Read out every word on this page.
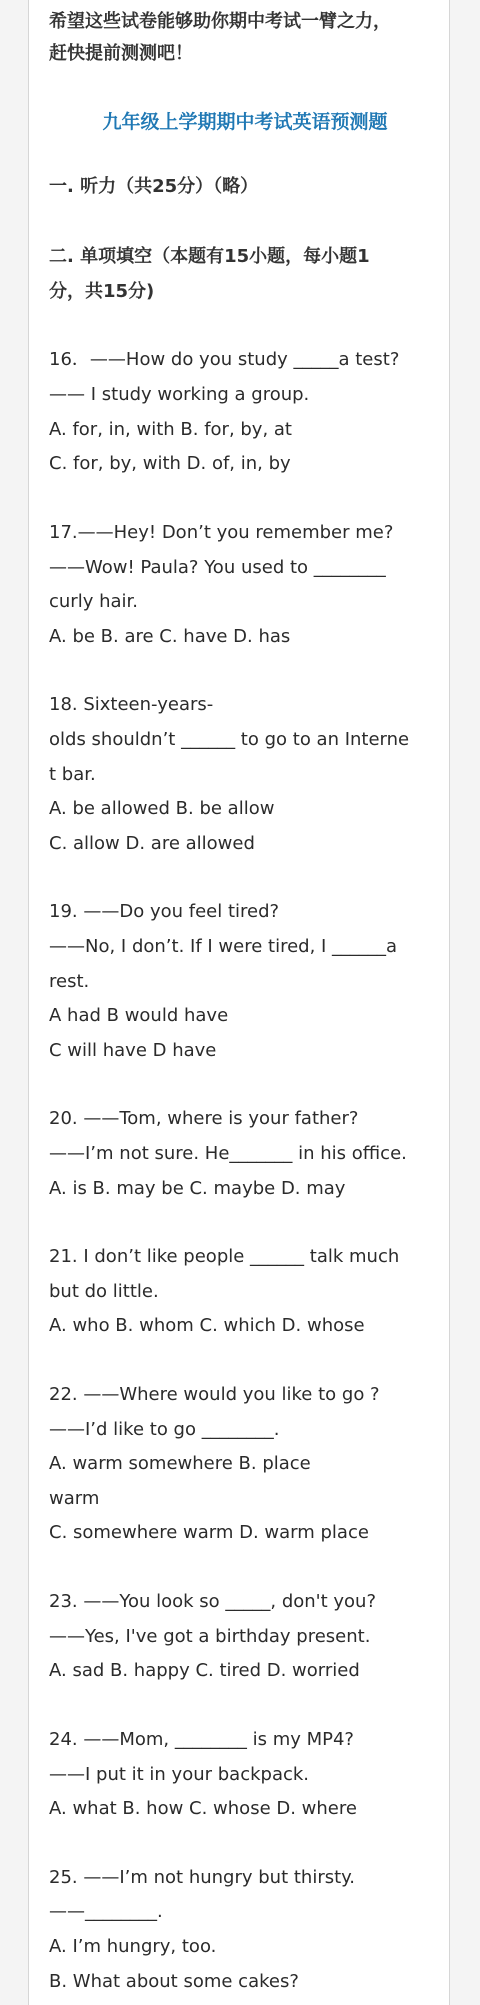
希望这些试卷能够助你期中考试一臂之力，
赶快提前测测吧！
九年级上学期期中考试英语预测题
一. 听力（共25分）（略）
二. 单项填空（本题有15小题，每小题1
分，共15分)
16．——How do you study _____a test?
—— I study working a group.
A. for, in, with B. for, by, at
C. for, by, with D. of, in, by
17.——Hey! Don’t you remember me?
——Wow! Paula? You used to ________
curly hair.
A. be B. are C. have D. has
18. Sixteen-years-
olds shouldn’t ______ to go to an Interne
t bar.
A. be allowed B. be allow
C. allow D. are allowed
19. ——Do you feel tired?
——No, I don’t. If I were tired, I ______a
rest.
A had B would have
C will have D have
20. ——Tom, where is your father?
——I’m not sure. He_______ in his office.
A. is B. may be C. maybe D. may
21. I don’t like people ______ talk much
but do little.
A. who B. whom C. which D. whose
22. ——Where would you like to go ?
——I’d like to go ________.
A. warm somewhere B. place
warm
C. somewhere warm D. warm place
23. ——You look so _____, don't you?
——Yes, I've got a birthday present.
A. sad B. happy C. tired D. worried
24. ——Mom, ________ is my MP4?
——I put it in your backpack.
A. what B. how C. whose D. where
25. ——I’m not hungry but thirsty.
——________.
A. I’m hungry, too.
B. What about some cakes?
